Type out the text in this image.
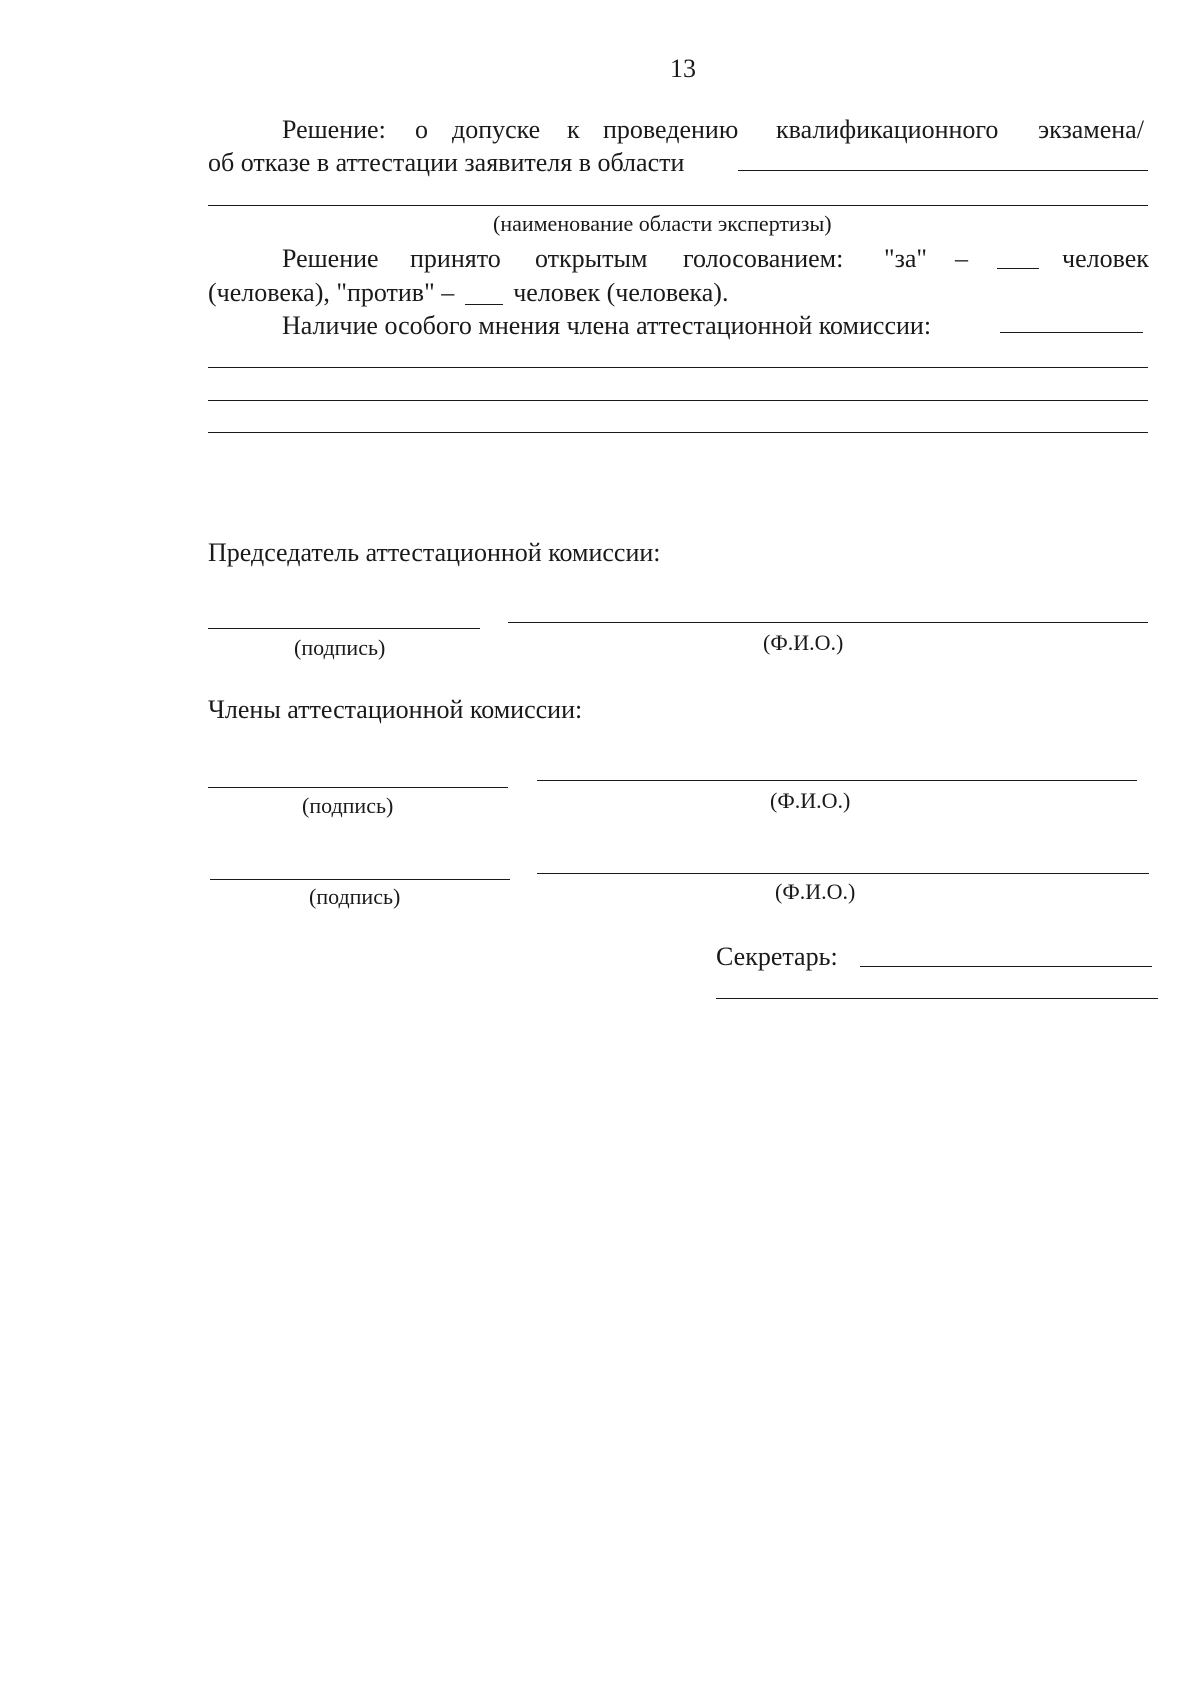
13
Решение: о допуске к проведению квалификационного экзамена/
об отказе в аттестации заявителя в области
(наименование области экспертизы)
Решение принято открытым голосованием: "за" –	человек
(человека), "против" – человек (человека).
Наличие особого мнения члена аттестационной комиссии:
Председатель аттестационной комиссии:
(подпись)	(Ф.И.О.)
Члены аттестационной комиссии:
(подпись)	(Ф.И.О.)
(подпись)	(Ф.И.О.)
Секретарь:
